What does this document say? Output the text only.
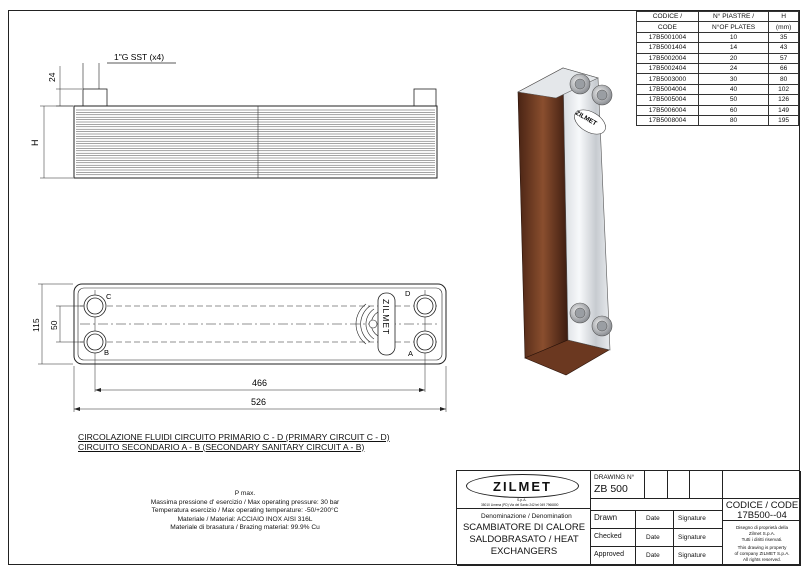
1"G SST (x4)
24
H
C
B
D
A
ZILMET
115 50
466
526
ZILMET
CODICE /	N° PIASTRE /	H
CODE	N°OF PLATES	(mm)
17B5001004	10	35
17B5001404	14	43
17B5002004	20	57
17B5002404	24	66
17B5003000	30	80
17B5004004	40	102
17B5005004	50	126
17B5006004	60	149
17B5008004	80	195
CIRCOLAZIONE FLUIDI CIRCUITO PRIMARIO C - D (PRIMARY CIRCUIT C - D)
CIRCUITO SECONDARIO A - B (SECONDARY SANITARY CIRCUIT A - B)
P max.
Massima pressione d' esercizio / Max operating pressure: 30 bar
Temperatura esercizio / Max operating temperature: -50/+200°C
Materiale / Material: ACCIAIO INOX AISI 316L
Materiale di brasatura / Brazing material: 99.9% Cu
ZILMET
S.p.A.
35010 Limena (PD) Via del Santo 242 tel 049 7966800
Denominazione / Denomination
SCAMBIATORE DI CALORE
SALDOBRASATO / HEAT
EXCHANGERS
DRAWING N°
ZB 500
CODICE / CODE
17B500--04
Drawn	Date	Signature
Checked	Date	Signature
Approved	Date	Signature
Disegno di proprietà della
Zilmet S.p.A.
Tutti i diritti riservati.
This drawing is property
of company ZILMET S.p.A.
All rights reserved.
